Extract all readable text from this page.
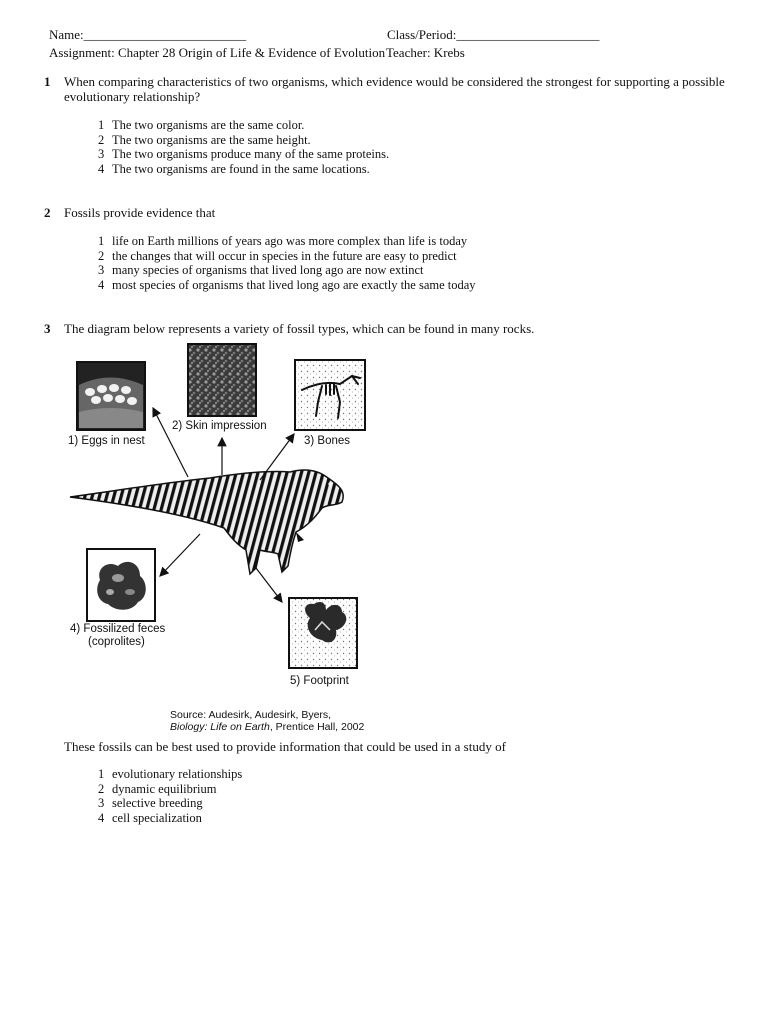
Name:_________________________	Class/Period:______________________
Assignment: Chapter 28 Origin of Life & Evidence of Evolution Teacher: Krebs
1 When comparing characteristics of two organisms, which evidence would be considered the strongest for supporting a possible evolutionary relationship?
1 The two organisms are the same color.
2 The two organisms are the same height.
3 The two organisms produce many of the same proteins.
4 The two organisms are found in the same locations.
2 Fossils provide evidence that
1 life on Earth millions of years ago was more complex than life is today
2 the changes that will occur in species in the future are easy to predict
3 many species of organisms that lived long ago are now extinct
4 most species of organisms that lived long ago are exactly the same today
3 The diagram below represents a variety of fossil types, which can be found in many rocks.
1) Eggs in nest
2) Skin impression
3) Bones
4) Fossilized feces
(coprolites)
5) Footprint
Source: Audesirk, Audesirk, Byers,
Biology: Life on Earth, Prentice Hall, 2002
These fossils can be best used to provide information that could be used in a study of
1 evolutionary relationships
2 dynamic equilibrium
3 selective breeding
4 cell specialization
